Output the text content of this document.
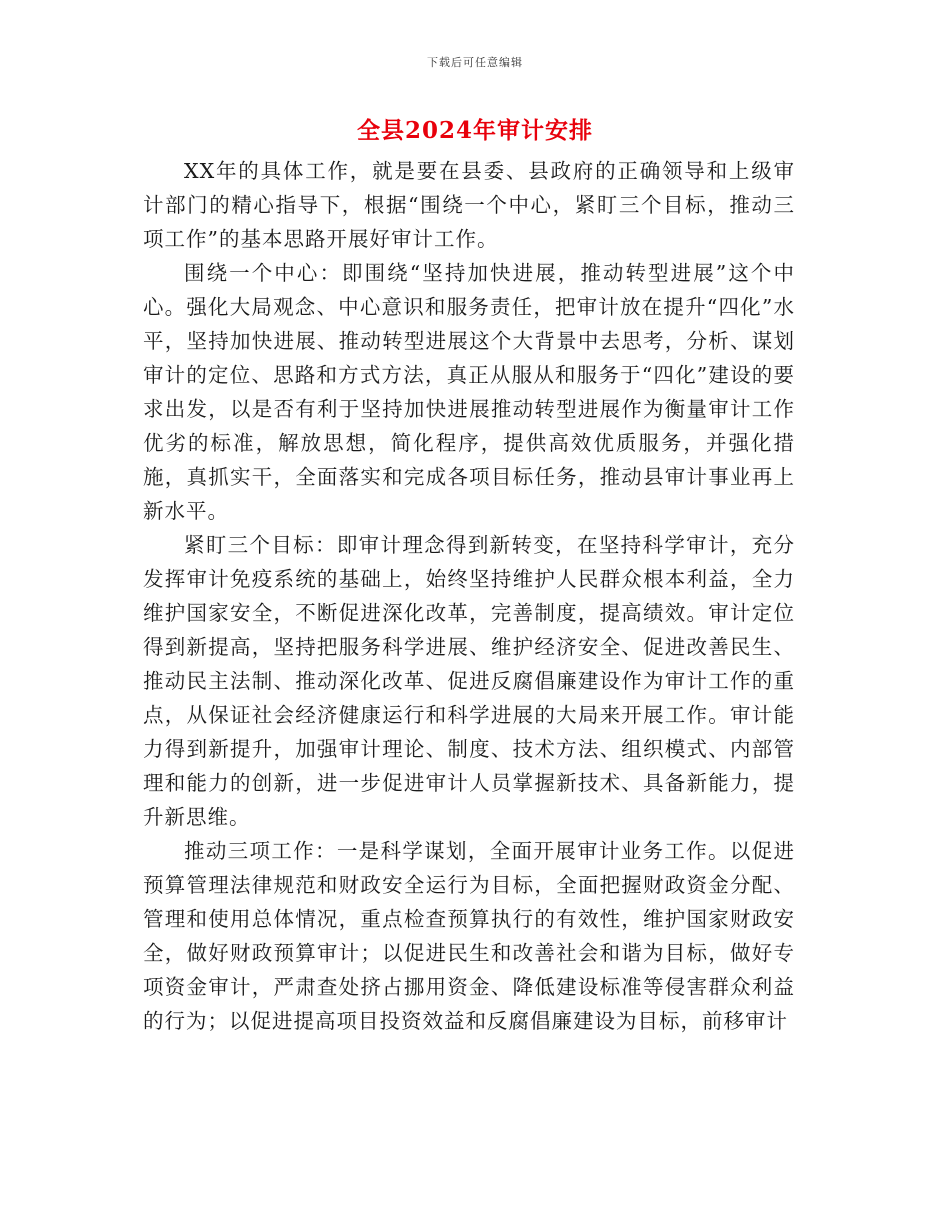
下载后可任意编辑
全县2024年审计安排

XX年的具体工作，就是要在县委、县政府的正确领导和上级审计部门的精心指导下，根据“围绕一个中心，紧盯三个目标，推动三项工作”的基本思路开展好审计工作。

围绕一个中心：即围绕“坚持加快进展，推动转型进展”这个中心。强化大局观念、中心意识和服务责任，把审计放在提升“四化”水平，坚持加快进展、推动转型进展这个大背景中去思考，分析、谋划审计的定位、思路和方式方法，真正从服从和服务于“四化”建设的要求出发，以是否有利于坚持加快进展推动转型进展作为衡量审计工作优劣的标准，解放思想，简化程序，提供高效优质服务，并强化措施，真抓实干，全面落实和完成各项目标任务，推动县审计事业再上新水平。

紧盯三个目标：即审计理念得到新转变，在坚持科学审计，充分发挥审计免疫系统的基础上，始终坚持维护人民群众根本利益，全力维护国家安全，不断促进深化改革，完善制度，提高绩效。审计定位得到新提高，坚持把服务科学进展、维护经济安全、促进改善民生、推动民主法制、推动深化改革、促进反腐倡廉建设作为审计工作的重点，从保证社会经济健康运行和科学进展的大局来开展工作。审计能力得到新提升，加强审计理论、制度、技术方法、组织模式、内部管理和能力的创新，进一步促进审计人员掌握新技术、具备新能力，提升新思维。

推动三项工作：一是科学谋划，全面开展审计业务工作。以促进预算管理法律规范和财政安全运行为目标，全面把握财政资金分配、管理和使用总体情况，重点检查预算执行的有效性，维护国家财政安全，做好财政预算审计；以促进民生和改善社会和谐为目标，做好专项资金审计，严肃查处挤占挪用资金、降低建设标准等侵害群众利益的行为；以促进提高项目投资效益和反腐倡廉建设为目标，前移审计
